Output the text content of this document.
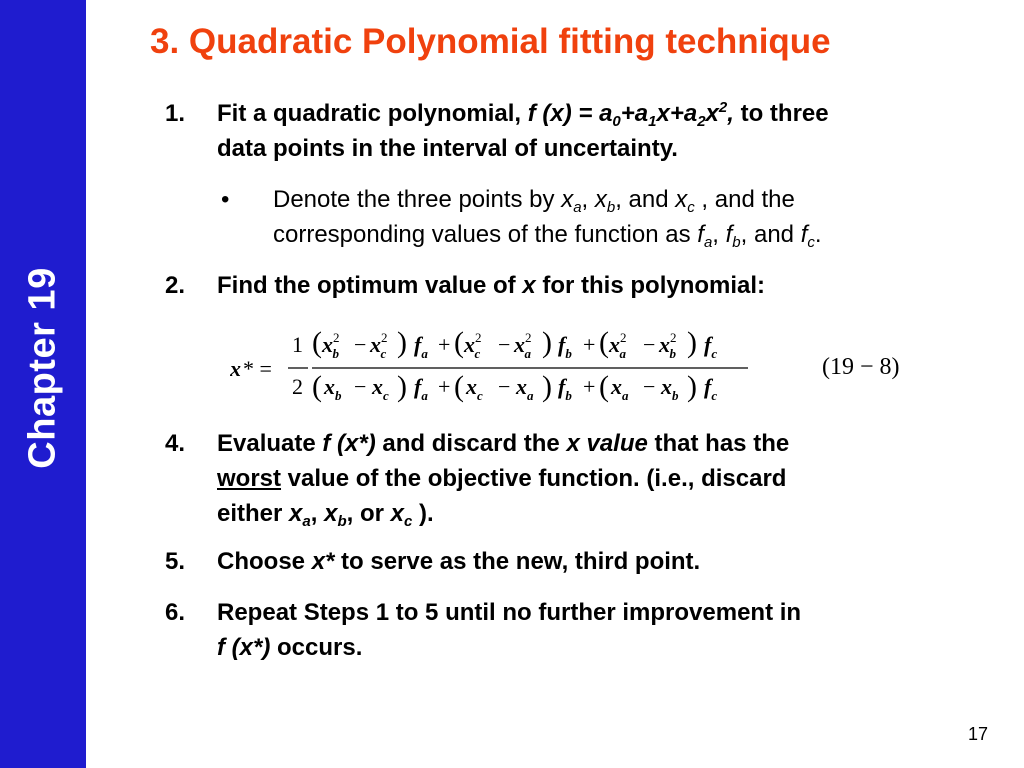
Chapter 19
3. Quadratic Polynomial fitting technique
1. Fit a quadratic polynomial, f $(x) = a_0+a_1x+a_2x^2$, to three
data points in the interval of uncertainty.
• Denote the three points by $x_a$, $x_b$, and $x_c$ , and the
corresponding values of the function as $f_a$, $f_b$, and $f_c$.
2. Find the optimum value of x for this polynomial:
x * =
1
2
( $x^2$ $b - x^2$ c ) $f_a$ + ( $x^2$ $c - x^2$ a ) $f_b$ + ( $x^2$ $a - x^2$ b ) $f_c$
( $x_b - x_c$ ) $f_a$ + ( $x_c - x_a$ ) $f_b$ + ( $x_a - x_b$ ) $f_c$
(19 − 8)
4. Evaluate f (x*) and discard the x value that has the
worst value of the objective function. (i.e., discard
either $x_a$, $x_b$, or $x_c$ ).
5. Choose x* to serve as the new, third point.
6. Repeat Steps 1 to 5 until no further improvement in
f (x*) occurs.
17
